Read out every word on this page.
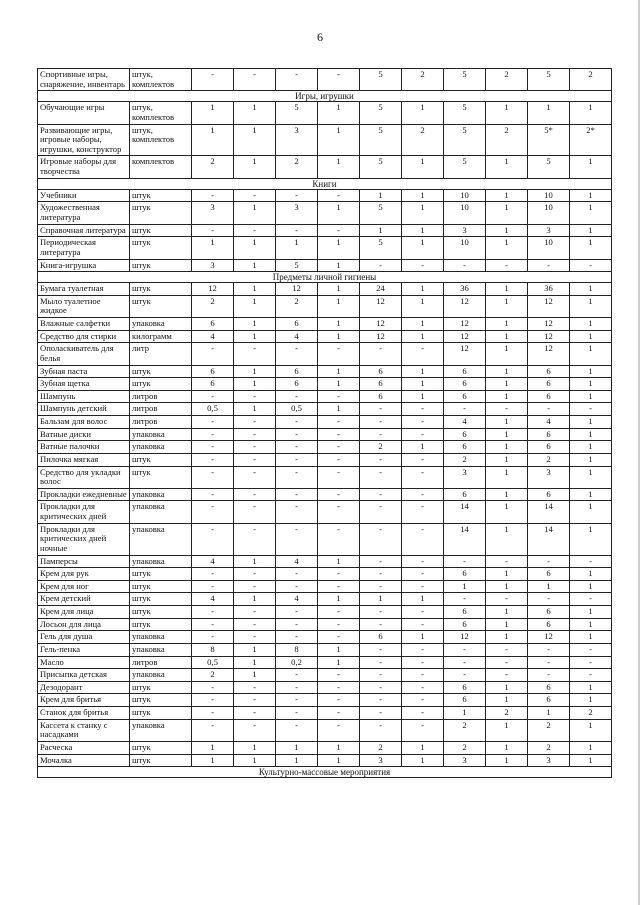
6
Спортивные игры, снаряжение, инвентарь	штук, комплектов	-	-	-	-	5	2	5	2	5	2
Игры, игрушки											
Обучающие игры	штук, комплектов	1	1	5	1	5	1	5	1	1	1
Развивающие игры, игровые наборы, игрушки, конструктор	штук, комплектов	1	1	3	1	5	2	5	2	5*	2*
Игровые наборы для творчества	комплектов	2	1	2	1	5	1	5	1	5	1
Книги											
Учебники	штук	-	-	-	-	1	1	10	1	10	1
Художественная литература	штук	3	1	3	1	5	1	10	1	10	1
Справочная литература	штук	-	-	-	-	1	1	3	1	3	1
Периодическая литература	штук	1	1	1	1	5	1	10	1	10	1
Книга-игрушка	штук	3	1	5	1	-	-	-	-	-	-
Предметы личной гигиены											
Бумага туалетная	штук	12	1	12	1	24	1	36	1	36	1
Мыло туалетное жидкое	штук	2	1	2	1	12	1	12	1	12	1
Влажные салфетки	упаковка	6	1	6	1	12	1	12	1	12	1
Средство для стирки	килограмм	4	1	4	1	12	1	12	1	12	1
Ополаскиватель для белья	литр	-	-	-	-	-	-	12	1	12	1
Зубная паста	штук	6	1	6	1	6	1	6	1	6	1
Зубная щетка	штук	6	1	6	1	6	1	6	1	6	1
Шампунь	литров	-	-	-	-	6	1	6	1	6	1
Шампунь детский	литров	0,5	1	0,5	1	-	-	-	-	-	-
Бальзам для волос	литров	-	-	-	-	-	-	4	1	4	1
Ватные диски	упаковка	-	-	-	-	-	-	6	1	6	1
Ватные палочки	упаковка	-	-	-	-	2	1	6	1	6	1
Пилочка мягкая	штук	-	-	-	-	-	-	2	1	2	1
Средство для укладки волос	штук	-	-	-	-	-	-	3	1	3	1
Прокладки ежедневные	упаковка	-	-	-	-	-	-	6	1	6	1
Прокладки для критических дней	упаковка	-	-	-	-	-	-	14	1	14	1
Прокладки для критических дней ночные	упаковка	-	-	-	-	-	-	14	1	14	1
Памперсы	упаковка	4	1	4	1	-	-	-	-	-	-
Крем для рук	штук	-	-	-	-	-	-	6	1	6	1
Крем для ног	штук	-	-	-	-	-	-	1	1	1	1
Крем детский	штук	4	1	4	1	1	1	-	-	-	-
Крем для лица	штук	-	-	-	-	-	-	6	1	6	1
Лосьон для лица	штук	-	-	-	-	-	-	6	1	6	1
Гель для душа	упаковка	-	-	-	-	6	1	12	1	12	1
Гель-пенка	упаковка	8	1	8	1	-	-	-	-	-	-
Масло	литров	0,5	1	0,2	1	-	-	-	-	-	-
Присыпка детская	упаковка	2	1	-	-	-	-	-	-	-	-
Дезодорант	штук	-	-	-	-	-	-	6	1	6	1
Крем для бритья	штук	-	-	-	-	-	-	6	1	6	1
Станок для бритья	штук	-	-	-	-	-	-	1	2	1	2
Кассета к станку с насадками	упаковка	-	-	-	-	-	-	2	1	2	1
Расческа	штук	1	1	1	1	2	1	2	1	2	1
Мочалка	штук	1	1	1	1	3	1	3	1	3	1
Культурно-массовые мероприятия											
